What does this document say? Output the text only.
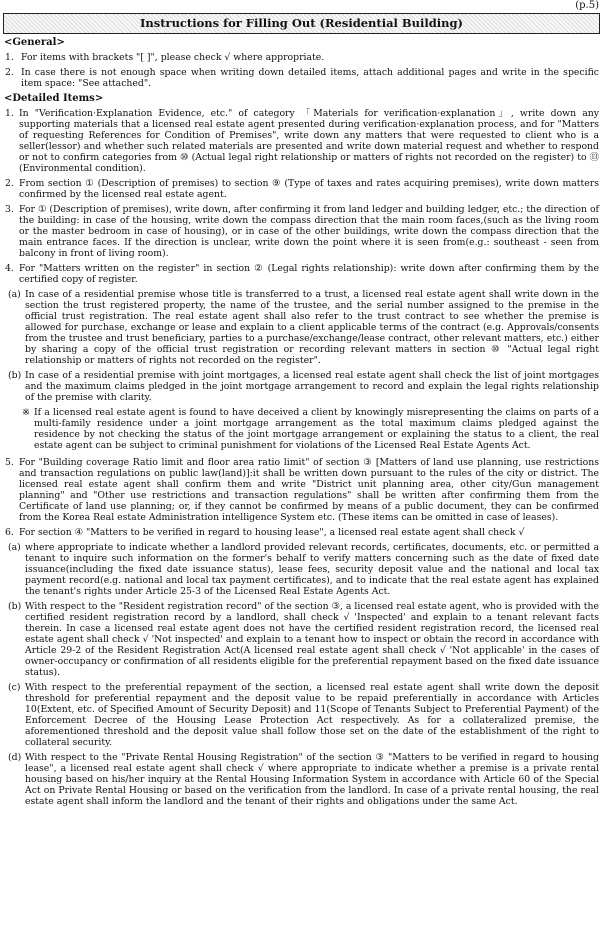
(p.5)
Instructions for Filling Out (Residential Building)
<General>
1. For items with brackets "[ ]", please check √ where appropriate.
2. In case there is not enough space when writing down detailed items, attach additional pages and write in the specific item space: "See attached".
<Detailed Items>
1. In "Verification·Explanation Evidence, etc." of category 「Materials for verification·explanation」, write down any supporting materials that a licensed real estate agent presented during verification·explanation process, and for "Matters of requesting References for Condition of Premises", write down any matters that were requested to client who is a seller(lessor) and whether such related materials are presented and write down material request and whether to respond or not to confirm categories from ⑩ (Actual legal right relationship or matters of rights not recorded on the register) to ⑬ (Environmental condition).
2. From section ① (Description of premises) to section ⑨ (Type of taxes and rates acquiring premises), write down matters confirmed by the licensed real estate agent.
3. For ① (Description of premises), write down, after confirming it from land ledger and building ledger, etc.; the direction of the building: in case of the housing, write down the compass direction that the main room faces,(such as the living room or the master bedroom in case of housing), or in case of the other buildings, write down the compass direction that the main entrance faces. If the direction is unclear, write down the point where it is seen from(e.g.: southeast - seen from balcony in front of living room).
4. For "Matters written on the register" in section ② (Legal rights relationship): write down after confirming them by the certified copy of register.
(a) In case of a residential premise whose title is transferred to a trust, a licensed real estate agent shall write down in the section the trust registered property, the name of the trustee, and the serial number assigned to the premise in the official trust registration. The real estate agent shall also refer to the trust contract to see whether the premise is allowed for purchase, exchange or lease and explain to a client applicable terms of the contract (e.g. Approvals/consents from the trustee and trust beneficiary, parties to a purchase/exchange/lease contract, other relevant matters, etc.) either by sharing a copy of the official trust registration or recording relevant matters in section ⑩ "Actual legal right relationship or matters of rights not recorded on the register".
(b) In case of a residential premise with joint mortgages, a licensed real estate agent shall check the list of joint mortgages and the maximum claims pledged in the joint mortgage arrangement to record and explain the legal rights relationship of the premise with clarity.
※ If a licensed real estate agent is found to have deceived a client by knowingly misrepresenting the claims on parts of a multi-family residence under a joint mortgage arrangement as the total maximum claims pledged against the residence by not checking the status of the joint mortgage arrangement or explaining the status to a client, the real estate agent can be subject to criminal punishment for violations of the Licensed Real Estate Agents Act.
5. For "Building coverage Ratio limit and floor area ratio limit" of section ③ [Matters of land use planning, use restrictions and transaction regulations on public law(land)]:it shall be written down pursuant to the rules of the city or district. The licensed real estate agent shall confirm them and write "District unit planning area, other city/Gun management planning" and "Other use restrictions and transaction regulations" shall be written after confirming them from the Certificate of land use planning; or, if they cannot be confirmed by means of a public document, they can be confirmed from the Korea Real estate Administration intelligence System etc. (These items can be omitted in case of leases).
6. For section ④ "Matters to be verified in regard to housing lease", a licensed real estate agent shall check √
(a) where appropriate to indicate whether a landlord provided relevant records, certificates, documents, etc. or permitted a tenant to inquire such information on the former's behalf to verify matters concerning such as the date of fixed date issuance(including the fixed date issuance status), lease fees, security deposit value and the national and local tax payment record(e.g. national and local tax payment certificates), and to indicate that the real estate agent has explained the tenant's rights under Article 25-3 of the Licensed Real Estate Agents Act.
(b) With respect to the "Resident registration record" of the section ③, a licensed real estate agent, who is provided with the certified resident registration record by a landlord, shall check √ 'Inspected' and explain to a tenant relevant facts therein. In case a licensed real estate agent does not have the certified resident registration record, the licensed real estate agent shall check √ 'Not inspected' and explain to a tenant how to inspect or obtain the record in accordance with Article 29-2 of the Resident Registration Act(A licensed real estate agent shall check √ 'Not applicable' in the cases of owner-occupancy or confirmation of all residents eligible for the preferential repayment based on the fixed date issuance status).
(c) With respect to the preferential repayment of the section, a licensed real estate agent shall write down the deposit threshold for preferential repayment and the deposit value to be repaid preferentially in accordance with Articles 10(Extent, etc. of Specified Amount of Security Deposit) and 11(Scope of Tenants Subject to Preferential Payment) of the Enforcement Decree of the Housing Lease Protection Act respectively. As for a collateralized premise, the aforementioned threshold and the deposit value shall follow those set on the date of the establishment of the right to collateral security.
(d) With respect to the "Private Rental Housing Registration" of the section ③ "Matters to be verified in regard to housing lease", a licensed real estate agent shall check √ where appropriate to indicate whether a premise is a private rental housing based on his/her inquiry at the Rental Housing Information System in accordance with Article 60 of the Special Act on Private Rental Housing or based on the verification from the landlord. In case of a private rental housing, the real estate agent shall inform the landlord and the tenant of their rights and obligations under the same Act.
